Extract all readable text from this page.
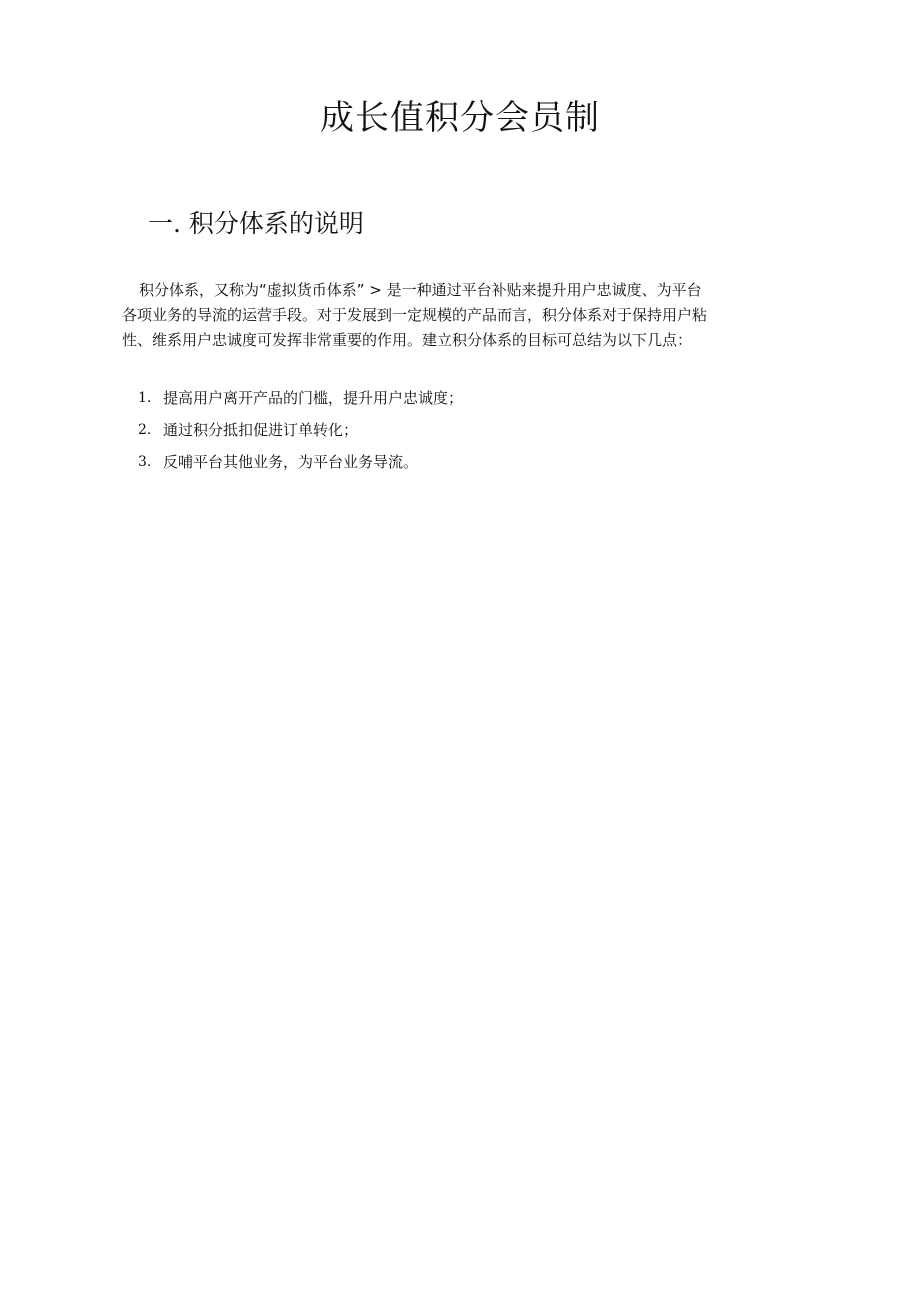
成长值积分会员制
一. 积分体系的说明

积分体系，又称为“虚拟货币体系” > 是一种通过平台补贴来提升用户忠诚度、为平台
各项业务的导流的运营手段。对于发展到一定规模的产品而言，积分体系对于保持用户粘
性、维系用户忠诚度可发挥非常重要的作用。建立积分体系的目标可总结为以下几点：

1. 提高用户离开产品的门槛，提升用户忠诚度；
2. 通过积分抵扣促进订单转化；
3. 反哺平台其他业务，为平台业务导流。
